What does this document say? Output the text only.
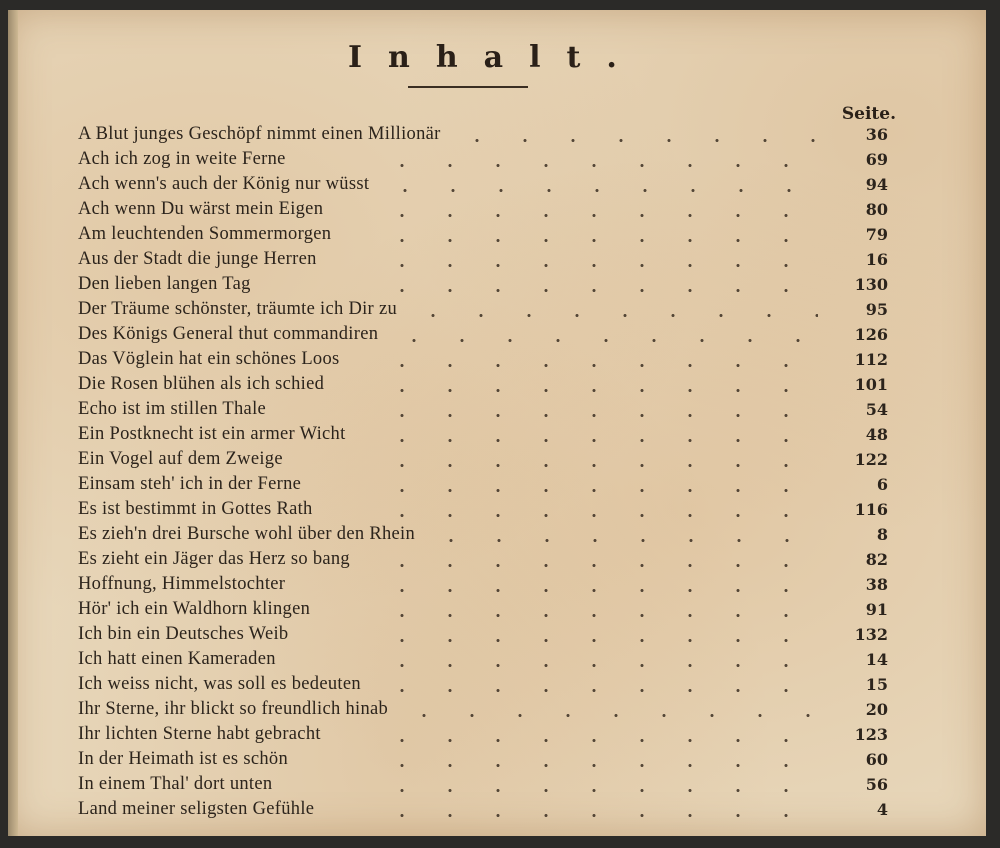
Inhalt.
Seite.
A Blut junges Geschöpf nimmt einen Millionär	36
Ach ich zog in weite Ferne	69
Ach wenn's auch der König nur wüsst	94
Ach wenn Du wärst mein Eigen	80
Am leuchtenden Sommermorgen	79
Aus der Stadt die junge Herren	16
Den lieben langen Tag	130
Der Träume schönster, träumte ich Dir zu	95
Des Königs General thut commandiren	126
Das Vöglein hat ein schönes Loos	112
Die Rosen blühen als ich schied	101
Echo ist im stillen Thale	54
Ein Postknecht ist ein armer Wicht	48
Ein Vogel auf dem Zweige	122
Einsam steh' ich in der Ferne	6
Es ist bestimmt in Gottes Rath	116
Es zieh'n drei Bursche wohl über den Rhein	8
Es zieht ein Jäger das Herz so bang	82
Hoffnung, Himmelstochter	38
Hör' ich ein Waldhorn klingen	91
Ich bin ein Deutsches Weib	132
Ich hatt einen Kameraden	14
Ich weiss nicht, was soll es bedeuten	15
Ihr Sterne, ihr blickt so freundlich hinab	20
Ihr lichten Sterne habt gebracht	123
In der Heimath ist es schön	60
In einem Thal' dort unten	56
Land meiner seligsten Gefühle	4
